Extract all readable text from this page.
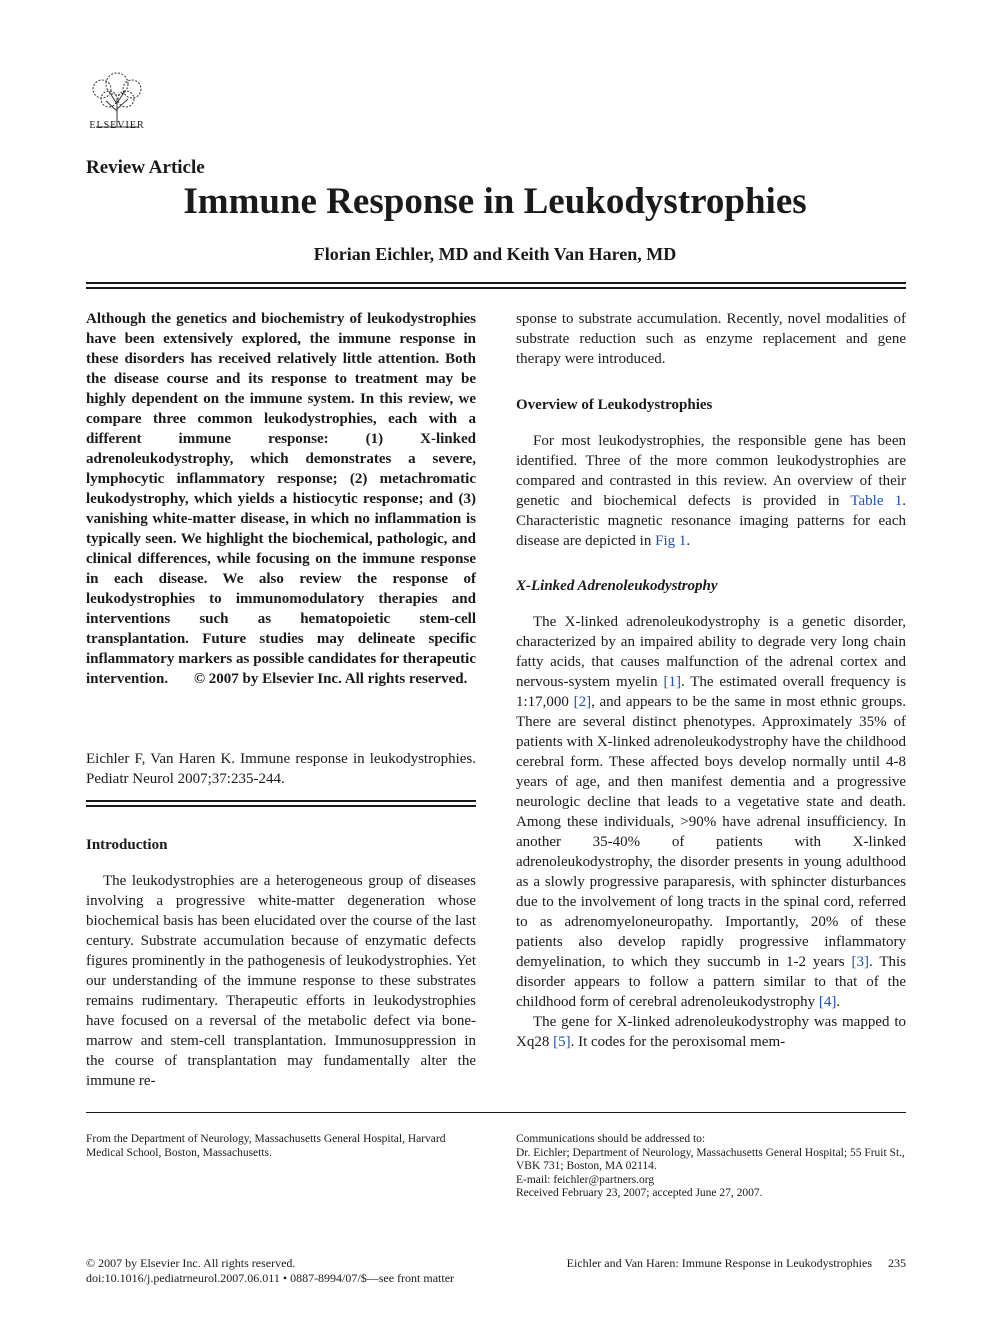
ELSEVIER
Review Article
Immune Response in Leukodystrophies
Florian Eichler, MD and Keith Van Haren, MD

Although the genetics and biochemistry of leukodystrophies have been extensively explored, the immune response in these disorders has received relatively little attention. Both the disease course and its response to treatment may be highly dependent on the immune system. In this review, we compare three common leukodystrophies, each with a different immune response: (1) X-linked adrenoleukodystrophy, which demonstrates a severe, lymphocytic inflammatory response; (2) metachromatic leukodystrophy, which yields a histiocytic response; and (3) vanishing white-matter disease, in which no inflammation is typically seen. We highlight the biochemical, pathologic, and clinical differences, while focusing on the immune response in each disease. We also review the response of leukodystrophies to immunomodulatory therapies and interventions such as hematopoietic stem-cell transplantation. Future studies may delineate specific inflammatory markers as possible candidates for therapeutic intervention. © 2007 by Elsevier Inc. All rights reserved.

Eichler F, Van Haren K. Immune response in leukodystrophies. Pediatr Neurol 2007;37:235-244.

Introduction

The leukodystrophies are a heterogeneous group of diseases involving a progressive white-matter degeneration whose biochemical basis has been elucidated over the course of the last century. Substrate accumulation because of enzymatic defects figures prominently in the pathogenesis of leukodystrophies. Yet our understanding of the immune response to these substrates remains rudimentary. Therapeutic efforts in leukodystrophies have focused on a reversal of the metabolic defect via bone-marrow and stem-cell transplantation. Immunosuppression in the course of transplantation may fundamentally alter the immune re-

sponse to substrate accumulation. Recently, novel modalities of substrate reduction such as enzyme replacement and gene therapy were introduced.

Overview of Leukodystrophies

For most leukodystrophies, the responsible gene has been identified. Three of the more common leukodystrophies are compared and contrasted in this review. An overview of their genetic and biochemical defects is provided in Table 1. Characteristic magnetic resonance imaging patterns for each disease are depicted in Fig 1.

X-Linked Adrenoleukodystrophy

The X-linked adrenoleukodystrophy is a genetic disorder, characterized by an impaired ability to degrade very long chain fatty acids, that causes malfunction of the adrenal cortex and nervous-system myelin [1]. The estimated overall frequency is 1:17,000 [2], and appears to be the same in most ethnic groups. There are several distinct phenotypes. Approximately 35% of patients with X-linked adrenoleukodystrophy have the childhood cerebral form. These affected boys develop normally until 4-8 years of age, and then manifest dementia and a progressive neurologic decline that leads to a vegetative state and death. Among these individuals, >90% have adrenal insufficiency. In another 35-40% of patients with X-linked adrenoleukodystrophy, the disorder presents in young adulthood as a slowly progressive paraparesis, with sphincter disturbances due to the involvement of long tracts in the spinal cord, referred to as adrenomyeloneuropathy. Importantly, 20% of these patients also develop rapidly progressive inflammatory demyelination, to which they succumb in 1-2 years [3]. This disorder appears to follow a pattern similar to that of the childhood form of cerebral adrenoleukodystrophy [4].

The gene for X-linked adrenoleukodystrophy was mapped to Xq28 [5]. It codes for the peroxisomal mem-

From the Department of Neurology, Massachusetts General Hospital, Harvard Medical School, Boston, Massachusetts.
Communications should be addressed to:
Dr. Eichler; Department of Neurology, Massachusetts General Hospital; 55 Fruit St., VBK 731; Boston, MA 02114.
E-mail: feichler@partners.org
Received February 23, 2007; accepted June 27, 2007.
© 2007 by Elsevier Inc. All rights reserved.
doi:10.1016/j.pediatrneurol.2007.06.011 • 0887-8994/07/$—see front matter
Eichler and Van Haren: Immune Response in Leukodystrophies 235
